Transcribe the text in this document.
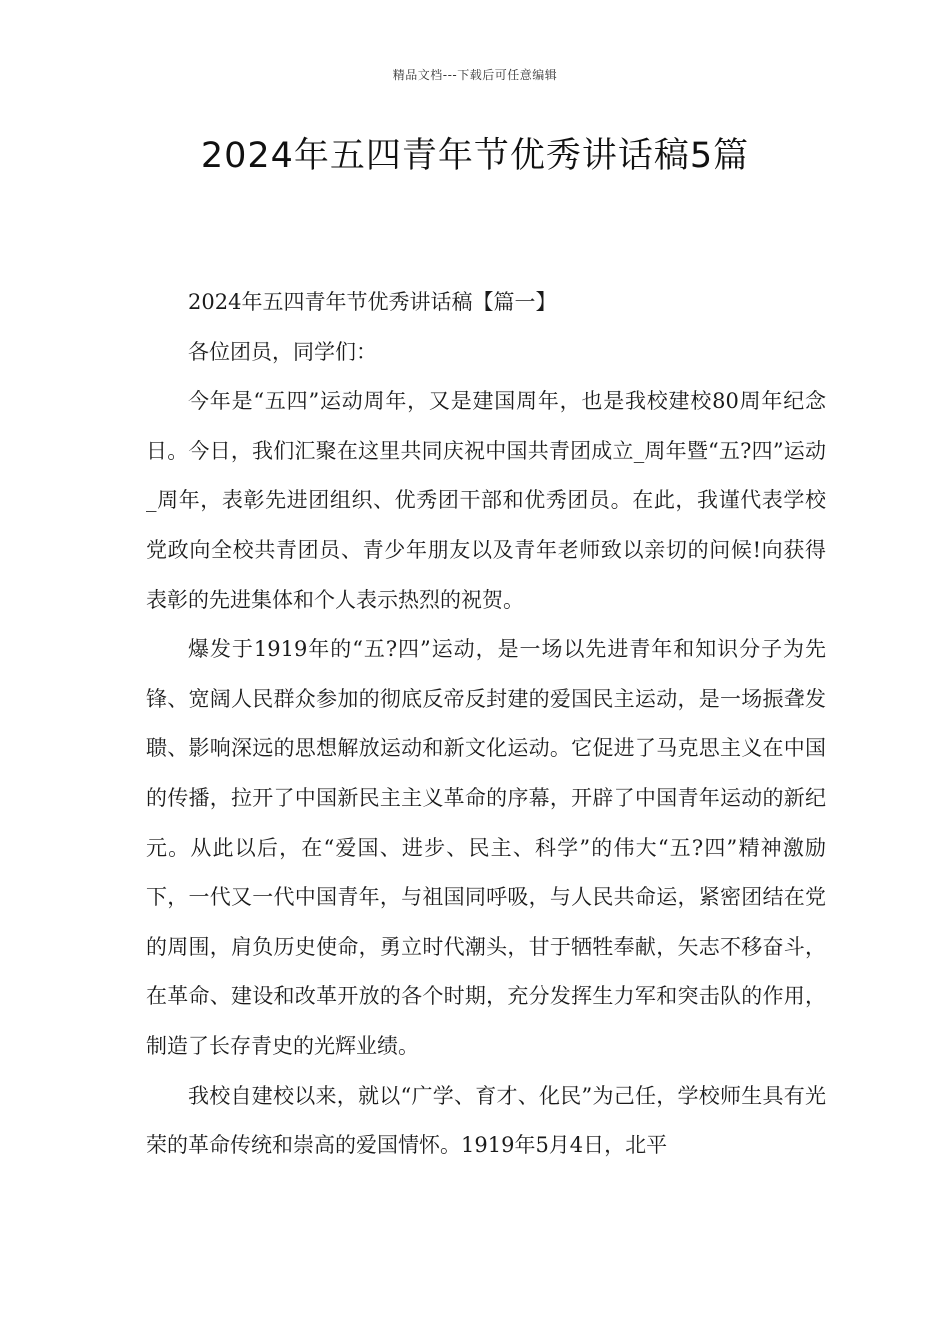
精品文档---下载后可任意编辑
2024年五四青年节优秀讲话稿5篇

2024年五四青年节优秀讲话稿【篇一】

各位团员，同学们：

今年是“五四”运动周年，又是建国周年，也是我校建校80周年纪念日。今日，我们汇聚在这里共同庆祝中国共青团成立_周年暨“五?四”运动_周年，表彰先进团组织、优秀团干部和优秀团员。在此，我谨代表学校党政向全校共青团员、青少年朋友以及青年老师致以亲切的问候!向获得表彰的先进集体和个人表示热烈的祝贺。

爆发于1919年的“五?四”运动，是一场以先进青年和知识分子为先锋、宽阔人民群众参加的彻底反帝反封建的爱国民主运动，是一场振聋发聩、影响深远的思想解放运动和新文化运动。它促进了马克思主义在中国的传播，拉开了中国新民主主义革命的序幕，开辟了中国青年运动的新纪元。从此以后，在“爱国、进步、民主、科学”的伟大“五?四”精神激励下，一代又一代中国青年，与祖国同呼吸，与人民共命运，紧密团结在党的周围，肩负历史使命，勇立时代潮头，甘于牺牲奉献，矢志不移奋斗，在革命、建设和改革开放的各个时期，充分发挥生力军和突击队的作用，制造了长存青史的光辉业绩。

我校自建校以来，就以“广学、育才、化民”为己任，学校师生具有光荣的革命传统和崇高的爱国情怀。1919年5月4日，北平
